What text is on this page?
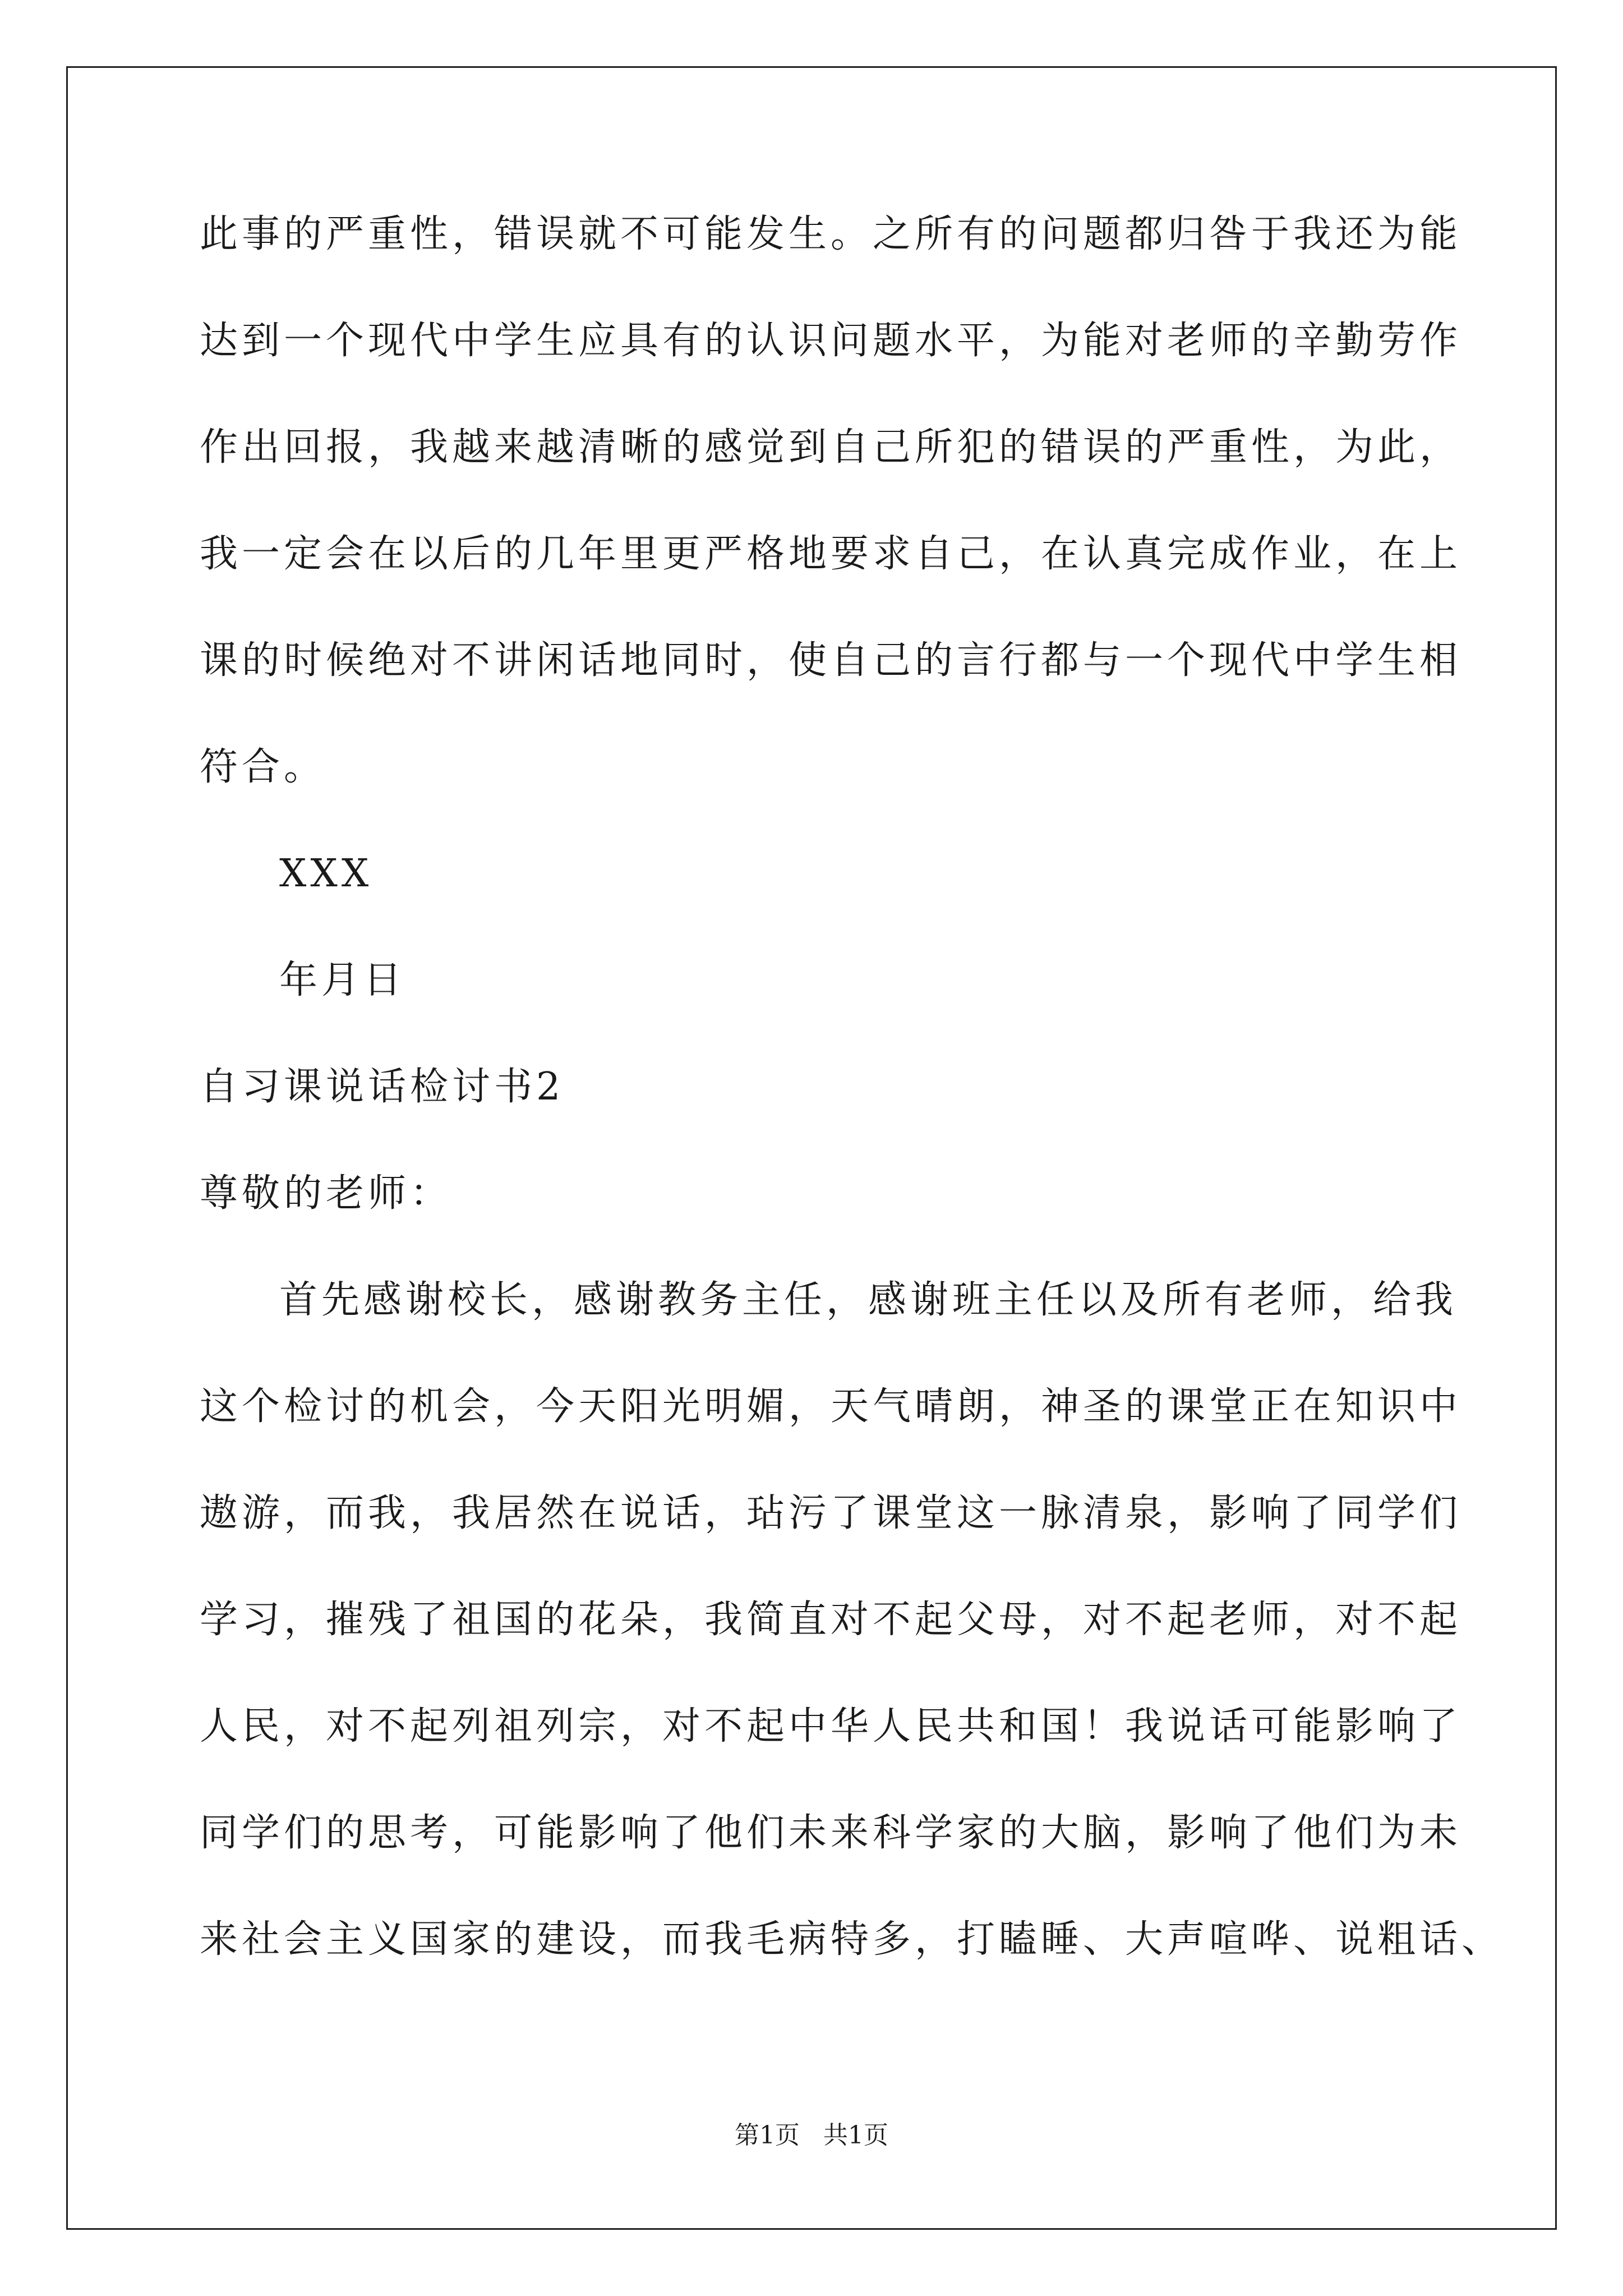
此事的严重性，错误就不可能发生。之所有的问题都归咎于我还为能
达到一个现代中学生应具有的认识问题水平，为能对老师的辛勤劳作
作出回报，我越来越清晰的感觉到自己所犯的错误的严重性，为此，
我一定会在以后的几年里更严格地要求自己，在认真完成作业，在上
课的时候绝对不讲闲话地同时，使自己的言行都与一个现代中学生相
符合。
XXX
年月日
自习课说话检讨书2
尊敬的老师：
首先感谢校长，感谢教务主任，感谢班主任以及所有老师，给我
这个检讨的机会，今天阳光明媚，天气晴朗，神圣的课堂正在知识中
遨游，而我，我居然在说话，玷污了课堂这一脉清泉，影响了同学们
学习，摧残了祖国的花朵，我简直对不起父母，对不起老师，对不起
人民，对不起列祖列宗，对不起中华人民共和国！我说话可能影响了
同学们的思考，可能影响了他们未来科学家的大脑，影响了他们为未
来社会主义国家的建设，而我毛病特多，打瞌睡、大声喧哗、说粗话、
第1页   共1页
